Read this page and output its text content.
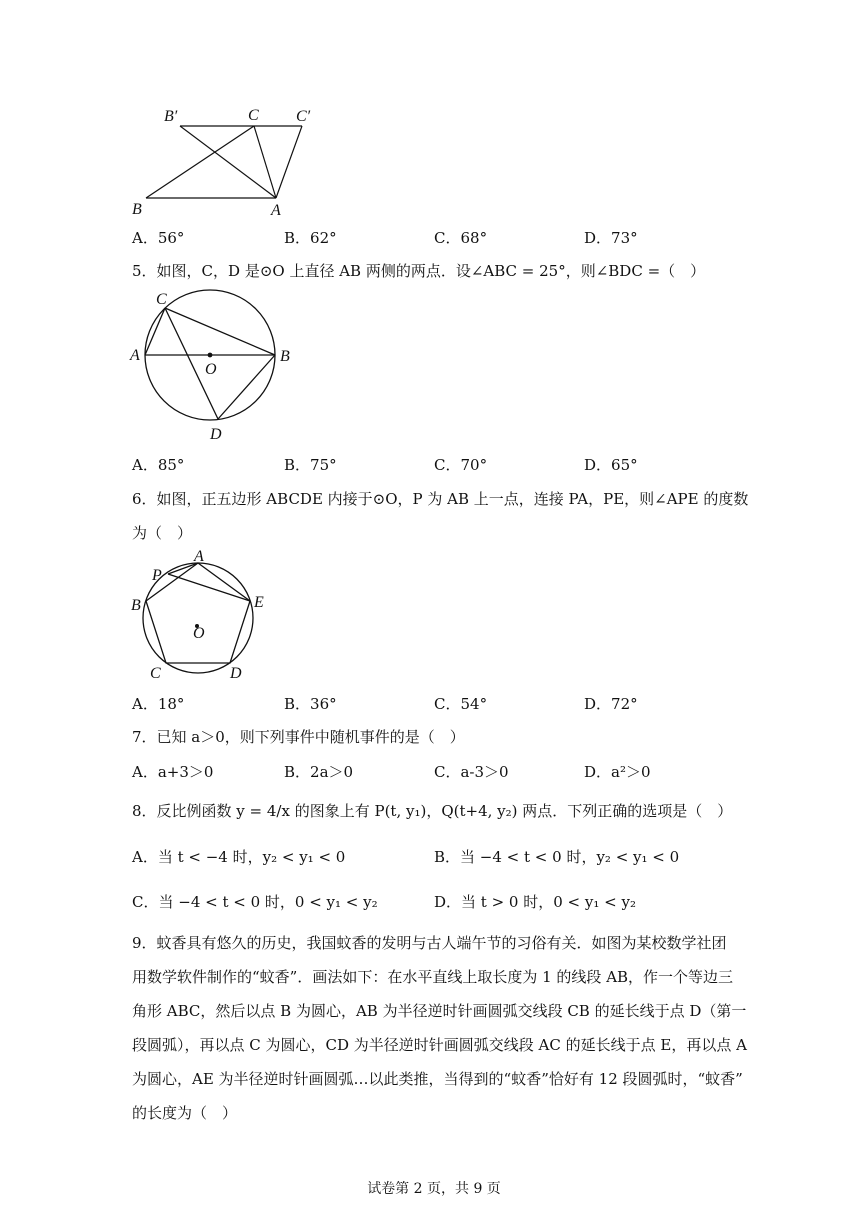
B′	C C′
B	A
A．56°	B．62°	C．68°	D．73°
5．如图，C，D 是⊙O 上直径 AB 两侧的两点．设∠ABC = 25°，则∠BDC =（　）
C
A
O
B
D
A．85°	B．75°	C．70°	D．65°
6．如图，正五边形 ABCDE 内接于⊙O，P 为 AB 上一点，连接 PA，PE，则∠APE 的度数
为（　）
A
P
B	E
O
C	D
A．18°	B．36°	C．54°	D．72°
7．已知 a＞0，则下列事件中随机事件的是（　）
A．a+3＞0	B．2a＞0	C．a-3＞0	D．a²＞0
8．反比例函数 y = 4/x 的图象上有 P(t, y₁)，Q(t+4, y₂) 两点．下列正确的选项是（　）
A．当 t < −4 时，y₂ < y₁ < 0	B．当 −4 < t < 0 时，y₂ < y₁ < 0
C．当 −4 < t < 0 时，0 < y₁ < y₂	D．当 t > 0 时，0 < y₁ < y₂
9．蚊香具有悠久的历史，我国蚊香的发明与古人端午节的习俗有关．如图为某校数学社团
用数学软件制作的“蚊香”．画法如下：在水平直线上取长度为 1 的线段 AB，作一个等边三
角形 ABC，然后以点 B 为圆心，AB 为半径逆时针画圆弧交线段 CB 的延长线于点 D（第一
段圆弧），再以点 C 为圆心，CD 为半径逆时针画圆弧交线段 AC 的延长线于点 E，再以点 A
为圆心，AE 为半径逆时针画圆弧…以此类推，当得到的“蚊香”恰好有 12 段圆弧时，“蚊香”
的长度为（　）
试卷第 2 页，共 9 页
